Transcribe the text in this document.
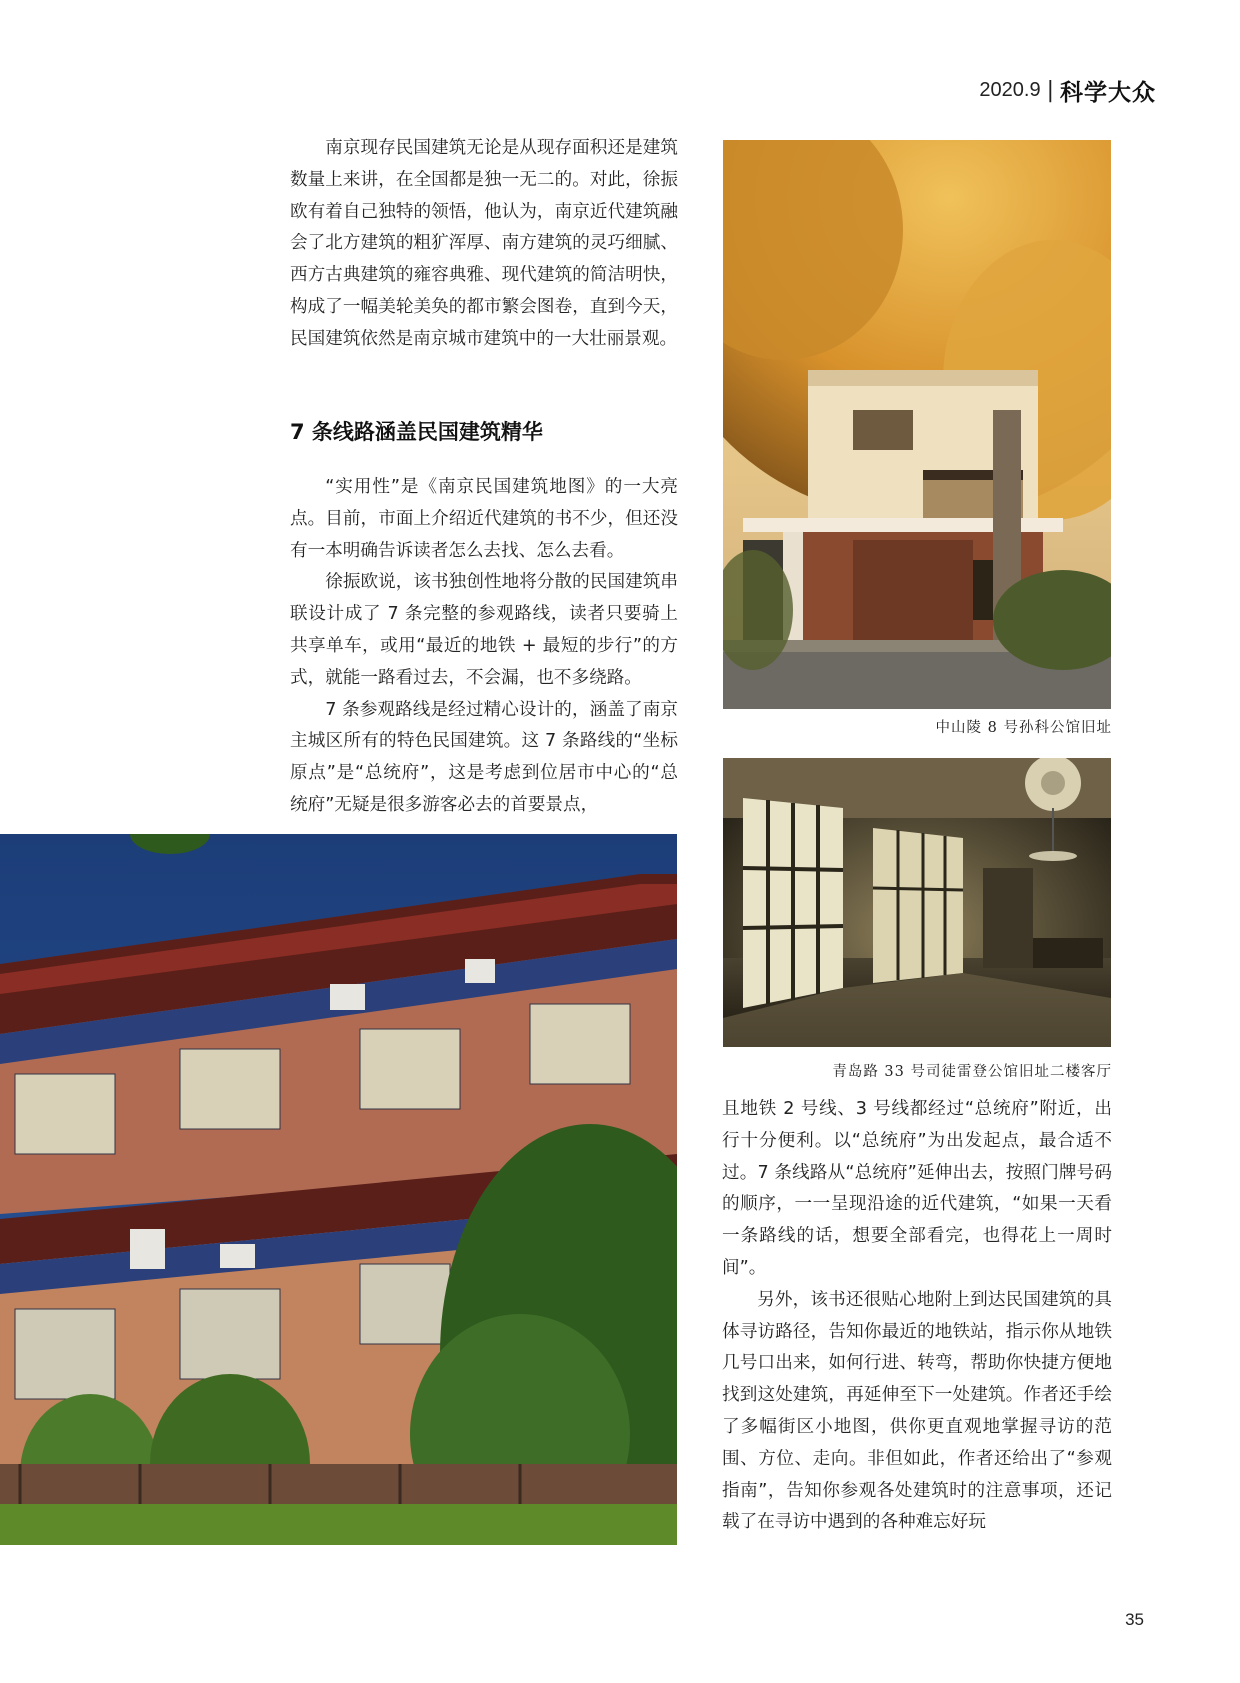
2020.9 | 科学大众

南京现存民国建筑无论是从现存面积还是建筑数量上来讲，在全国都是独一无二的。对此，徐振欧有着自己独特的领悟，他认为，南京近代建筑融会了北方建筑的粗犷浑厚、南方建筑的灵巧细腻、西方古典建筑的雍容典雅、现代建筑的简洁明快，构成了一幅美轮美奂的都市繁会图卷，直到今天，民国建筑依然是南京城市建筑中的一大壮丽景观。

7 条线路涵盖民国建筑精华

“实用性”是《南京民国建筑地图》的一大亮点。目前，市面上介绍近代建筑的书不少，但还没有一本明确告诉读者怎么去找、怎么去看。

徐振欧说，该书独创性地将分散的民国建筑串联设计成了 7 条完整的参观路线，读者只要骑上共享单车，或用“最近的地铁 + 最短的步行”的方式，就能一路看过去，不会漏，也不多绕路。

7 条参观路线是经过精心设计的，涵盖了南京主城区所有的特色民国建筑。这 7 条路线的“坐标原点”是“总统府”，这是考虑到位居市中心的“总统府”无疑是很多游客必去的首要景点，

中山陵 8 号孙科公馆旧址
青岛路 33 号司徒雷登公馆旧址二楼客厅

且地铁 2 号线、3 号线都经过“总统府”附近，出行十分便利。以“总统府”为出发起点，最合适不过。7 条线路从“总统府”延伸出去，按照门牌号码的顺序，一一呈现沿途的近代建筑，“如果一天看一条路线的话，想要全部看完，也得花上一周时间”。

另外，该书还很贴心地附上到达民国建筑的具体寻访路径，告知你最近的地铁站，指示你从地铁几号口出来，如何行进、转弯，帮助你快捷方便地找到这处建筑，再延伸至下一处建筑。作者还手绘了多幅街区小地图，供你更直观地掌握寻访的范围、方位、走向。非但如此，作者还给出了“参观指南”，告知你参观各处建筑时的注意事项，还记载了在寻访中遇到的各种难忘好玩

35
